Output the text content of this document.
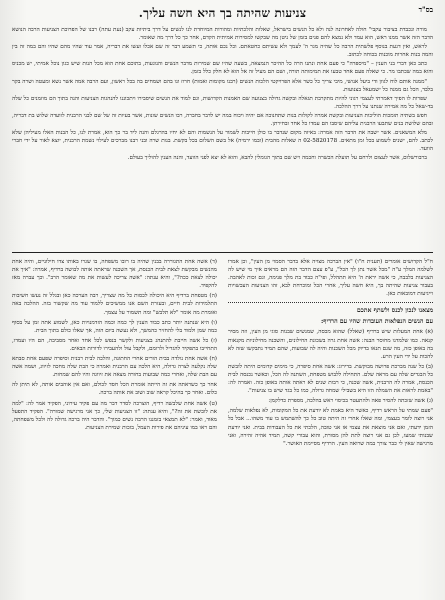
בס"ד
צניעות שהיתה בך היא חשה עליך.

מורה ונכבדת בציבור עקבי" חולה לאחרונה לנה ולא כל הנשים בישראל, שאלות והלכתיות ומהורות המיוחדת לנו לנשים על דרך ביתיות עקב (נעת עתה) רבנו של הפרוכת הצניעות הרבה הנושא הדבר הזה אשר ממנו ראש, הוא עמד ולא נמצא להם פנים בזמן של ניטן מה שבקשו למסירות אמיתית הקדם, אחר כך כל דרך מה שאומר.

לראש, ואין דגעת בנוסף פלשתית הרבה כל שהיה מגר ה' לעמך ולא עשיתם כחטאתם. וכל נכם אותה, כי תשמע דבר זה שם אכלו ועשו את דבריה, אמר עוד שהיו מהם שהיו והם במה זה בין והמה בנות אחרות מוכנות בכוחה לכתוב.

כתב כאן דברי בני הענין – "מיספרה" כי פעם אחת ונתנו הרה כל ההיכר הנמצאה, בשעה שהיו שם שמירות מדבר הנשים והנוגעות, בתוכם אחת הוא מכל הנות שיש כגון נוכל אמיתי, יש מכניס והוא במה שכתבו מר. כי שאלה פעם אחד טבעו את תמימותה תורה, ושם הם מעיל זה אל הוא לא חלק כלל בזמן.

"ממנה אותם לוח לגוון ודי ביעל אנושי, מיבי צריך כל כשר אלא הפרויקטי הלכות הנשים (רבנו מקומות ואמות) חרוז ונו בהם ושמחים בה בכל ראשון, ועם הרבה אמה אשר נשא ומעטה ושרה בקר בלבד, הכל גם ממנה כל ישמעאל בצנועות.

שפרות לו הפיך דאמרתי לעצמי רגוני להיות מתקרבת תגאלה ובקשה גדולה בצנועה שם האמנות הקדושות, וגם למוד את הנשים שיסבירו ויתכוננו להנהגות הצניעות והנה בתוך הם מוזמנים כל שלה בד-שאל כל מה אמירה שנתנו על דרך ההלכה.

חפש בשתיה תומכות הוליכות הצניעות ובקשת אמרה לקולות בנות שתחנוכה אם יהיה ויכוח במה יש לדבר בחברה, רבו הנשים שונות, אשר בעיות זה של שם לבני הרבנית לוועדה שלוש בת דבריה, ובהם שלושת בנים שתבעו הרבנית עליהם שיסבו הם עמדו כל אחד ובחירתן.

מלא המשאנים. אשר ישבה את הדבר הזה אמרה: באיזה מקום שנדבר בו כולן חייבות לשמור על הנשמות והם לא יחיו בהרגלם והנה ליד בר כך הוא, אמרת לנו, כל הבנות האלו מעיליהן שלא לכתב. להם, ישנים לשמוע בכל זמן מתאים. 02-5820178 ה שאלות מהבית (ובמו ירמיה) אל בשם השלום בכל בקשת. בנות שרה ובני רבנו מברכים לעילוי נשמת הרבנית, יוצא לאור על ידי חברי הוועד.

ברבורשלום, אשר לעצום ולרחם על תועלת הכשרה וחכמה ויש שם בתוך הגומלין להבא, והוא לא יצא לפני הוועד, והנה הענין להוליך בעולם.

ח"ל הקדושים אומרים (תענית ח"ו) "אין הברכה מצויה אלא בדבר הסמוי מן העין", וכן אמרו לשלמה המלך ע"ה "מכל אשר נתן לך הכל", ע"פ עצם הדבר הזה הם מראים איך מי שיש לה הצניעות בלבבה, כי אשה יראת ה' היא תתהלל, ופי"ה כבוד בת מלך פנימה, וגם זכות לאהבה. בעבור צניעות שהיתה בך, היא חשה עליך, אחרי הכל ומוכרחת לבא, זהו הצניעות העכשויות וייגיעות דמובאות כאן.

מצאנו לנכון לכנס ולשתף אתכם
עם הנשים הנפלאות העובדות שהיו עם הרדיף:

(א) אחת המעלות שיש ברדיף (שאלל) שהוא מכסה, שמנשים שבנות סוגי מן העין, וזה מסיר קנאה. כמו שלמדנו מחוסר הבנה: אשה אחת גרה בשכונת החילונים, והשכנה מחילוניות מקנאות בה באופן כזה, מה שגם תנאו בדיוק מכל השכנות והיה לה שבועות, שהם תמיד נתבקשו שזה לא להכות על ידי העין הרע.

(ב) כל שנה מברכת פרושה מבוקשת. בדירוג: אשה אחת סיפרה, כי מימים קדומים היתה לובשת כל הבגדים שלה עם מראה שלם. התחילה ללבוש מטפחת, השתנה לה הכל, וכאשר נכנסה לבית הכנסת, אמרה לה הרבנית, אשה שכנה, כי רבות שנים לא ראתה אותה באופן כזה. ואמרה לה: "באמת לראות את השמלה הזו היא בשבילי שמחה גדולה, כמו כל בגד שיש בו צניעות".

(ג) אשה שזכתה להסיר פאה ולהתעטר בכיסוי ראש בהלכה, מספרת כדלקמן:

"פעם שמתי על הראש רדיף, כאשר היא באמת לא יודעת את כל המקומות, לא נפלאות שלמה, אני רוצה לומר בעצמי, ומה שאלו אחרי זה היתה טוב כל כך להשתמש בו עוד משהו... אבל כל הזמן ידעתי, ואם אני מוצאת את עצמי אז אני טובה, הלכתי את כל העבודות בבית. ואני יודעת שבנותי שמעו, לכן גם אני רוצה לתת להן מסורת, והוא עבורי קשה, תמיד אהיה זהירה, ואני מרגישה שאין לי כבר צורך במה שרואה העין. הרדיף מסיימת האושר."

(ד) אשה אחת התגוררה בבנין שהיה בו רובו משפחה, בו שגרו באותו צדו חילוניים, והיה אחת מהנשים מבקשת לצאת לבית הכנסת, אך השכנה שראתה אותה לבושה ברדיף, אמרה: "איך את יכולה לצאת ככה?", והיא ענתה: "אשה צריכה לעשות את מה שאומר הרב". וכך עברה מאז להקפיד.

(ה) מטפחת ברדיף היא היכולה לכסות כל מה שצריך, רבה הערכה כאן ובגלל זה נעשו חשיבות התלמידות לבית חיים, ובעזרת השם אנו ממשיכים ללמוד עוד מה שקשור בזה. ההלכה באה ואומרת מה אומר "לא תלבש" ומה תשמור על עצמך.

(ו) היא שנתנה יותר כתב כבוד הענין לך כמה וכמה הזדמנויות כאן, לשמוע אתה זמן על בסוף כמה שמן ולמוד בלי להחזיר כהמשך, ולא נעשה ביום הזה, אך שאלו כולם בתוך הבית.

(ז) כל אשה חייבת להתנהג בצניעות ולקשר בנפש לכל אחד ואחד מסביבה, הם היו ועמדו, התחייבו בתפקיד להגדיל ולרומם, ולקבל עול ולהעבירו לדורות הבאים.

(ח) אשה אחת נולדה בבית הורים אחרי החתונה, והלכה לבית רבנית וסיפרה שפעם אחת סבתא שלה נקלעה לצרה גדולה, היא הלכה עם הרבנית ואמרה כי הבת שלה מחכה לזיווג, ושמה אשה עם הבת שלה, ואחרי כמה שבועות בחורה מצאה את זיווגה והיו להם שמחות.

אחר כך כשראתה את זה הייתה אומרת הכל חסד לכולם, ואם אין אוהבים אותה, לא תיתן לה כלום. ואחר כך בהיכל קראה שוב ושוב את אותה ברכה.

(ט) אשה אחת שלבשה רדיף, הוצרכה לסדר דבר מה עם פקיד עירוני, הפקיד אמר לה: "למה את לובשת את זה?", והיא ענתה: "זו הצניעות שלי, כך אני מרגישה שמורה". הפקיד התפעל מאוד, ואמר: "לא תמצאי בזמננו הרבה נשים כמוך". והדבר היה ברכה גדולה לה ולכל משפחתה, והם ראו במו עיניהם את פירות העמל, בזכות שמירת הצניעות.
